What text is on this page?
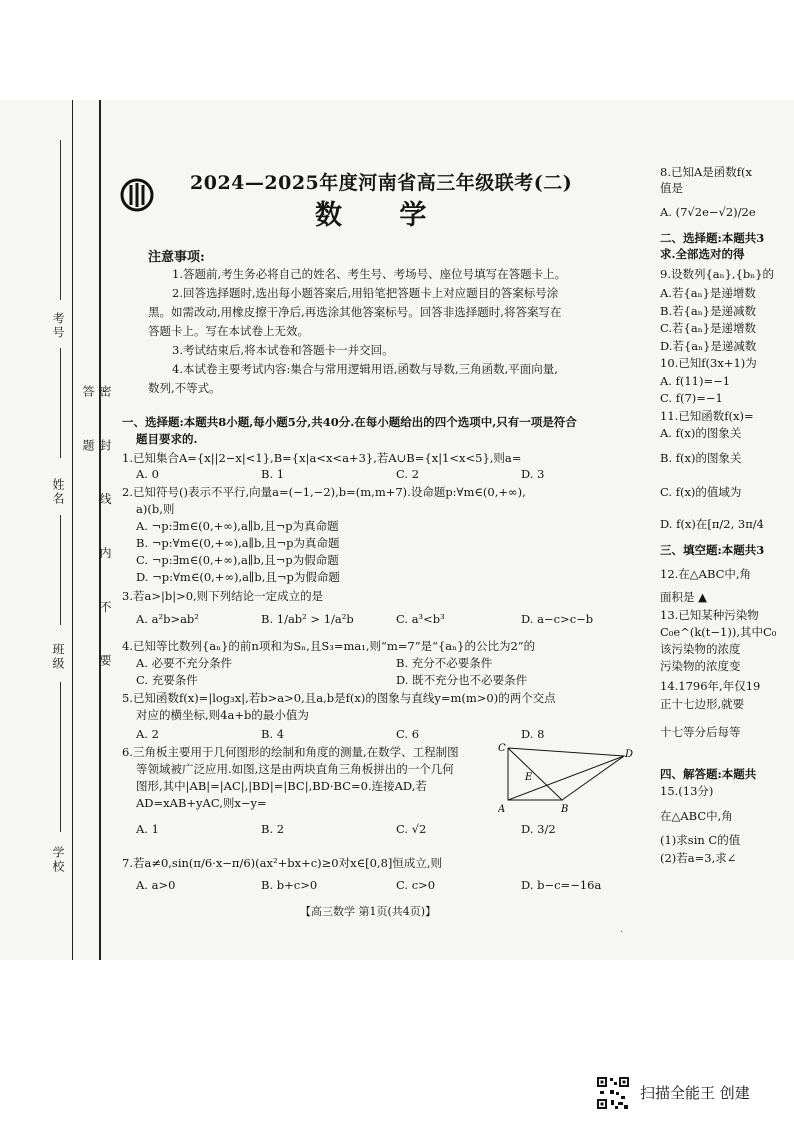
考号
姓名
班级
学校
密 封 线 内 不 要 答 题
2024—2025年度河南省高三年级联考(二)
数 学
注意事项:
1.答题前,考生务必将自己的姓名、考生号、考场号、座位号填写在答题卡上。
2.回答选择题时,选出每小题答案后,用铅笔把答题卡上对应题目的答案标号涂
黑。如需改动,用橡皮擦干净后,再选涂其他答案标号。回答非选择题时,将答案写在
答题卡上。写在本试卷上无效。
3.考试结束后,将本试卷和答题卡一并交回。
4.本试卷主要考试内容:集合与常用逻辑用语,函数与导数,三角函数,平面向量,
数列,不等式。
一、选择题:本题共8小题,每小题5分,共40分.在每小题给出的四个选项中,只有一项是符合
题目要求的.
1.已知集合A={x||2−x|<1},B={x|a<x<a+3},若A∪B={x|1<x<5},则a=
A. 0	B. 1	C. 2	D. 3
2.已知符号()表示不平行,向量a=(−1,−2),b=(m,m+7).设命题p:∀m∈(0,+∞),
a)(b,则
A. ¬p:∃m∈(0,+∞),a∥b,且¬p为真命题
B. ¬p:∀m∈(0,+∞),a∥b,且¬p为真命题
C. ¬p:∃m∈(0,+∞),a∥b,且¬p为假命题
D. ¬p:∀m∈(0,+∞),a∥b,且¬p为假命题
3.若a>|b|>0,则下列结论一定成立的是
A. a²b>ab²	B. 1/ab² > 1/a²b	C. a³<b³	D. a−c>c−b
4.已知等比数列{aₙ}的前n项和为Sₙ,且S₃=ma₁,则“m=7”是“{aₙ}的公比为2”的
A. 必要不充分条件	B. 充分不必要条件
C. 充要条件	D. 既不充分也不必要条件
5.已知函数f(x)=|log₃x|,若b>a>0,且a,b是f(x)的图象与直线y=m(m>0)的两个交点
对应的横坐标,则4a+b的最小值为
A. 2	B. 4	C. 6	D. 8
6.三角板主要用于几何图形的绘制和角度的测量,在数学、工程制图
等领域被广泛应用.如图,这是由两块直角三角板拼出的一个几何
图形,其中|AB|=|AC|,|BD|=|BC|,BD·BC=0.连接AD,若
AD=xAB+yAC,则x−y=
A. 1	B. 2	C. √2	D. 3/2
C
D
E
A	B
7.若a≠0,sin(π/6·x−π/6)(ax²+bx+c)≥0对x∈[0,8]恒成立,则
A. a>0	B. b+c>0	C. c>0	D. b−c=−16a
【高三数学 第1页(共4页)】
·
8.已知A是函数f(x
值是
A. (7√2e−√2)/2e
二、选择题:本题共3
求.全部选对的得
9.设数列{aₙ},{bₙ}的
A.若{aₙ}是递增数
B.若{aₙ}是递减数
C.若{aₙ}是递增数
D.若{aₙ}是递减数
10.已知f(3x+1)为
A. f(11)=−1
C. f(7)=−1
11.已知函数f(x)=
A. f(x)的图象关
B. f(x)的图象关
C. f(x)的值域为
D. f(x)在[π/2, 3π/4
三、填空题:本题共3
12.在△ABC中,角
面积是 ▲
13.已知某种污染物
C₀e^(k(t−1)),其中C₀
该污染物的浓度
污染物的浓度变
14.1796年,年仅19
正十七边形,就要
十七等分后每等
四、解答题:本题共
15.(13分)
在△ABC中,角
(1)求sin C的值
(2)若a=3,求∠
扫描全能王 创建
